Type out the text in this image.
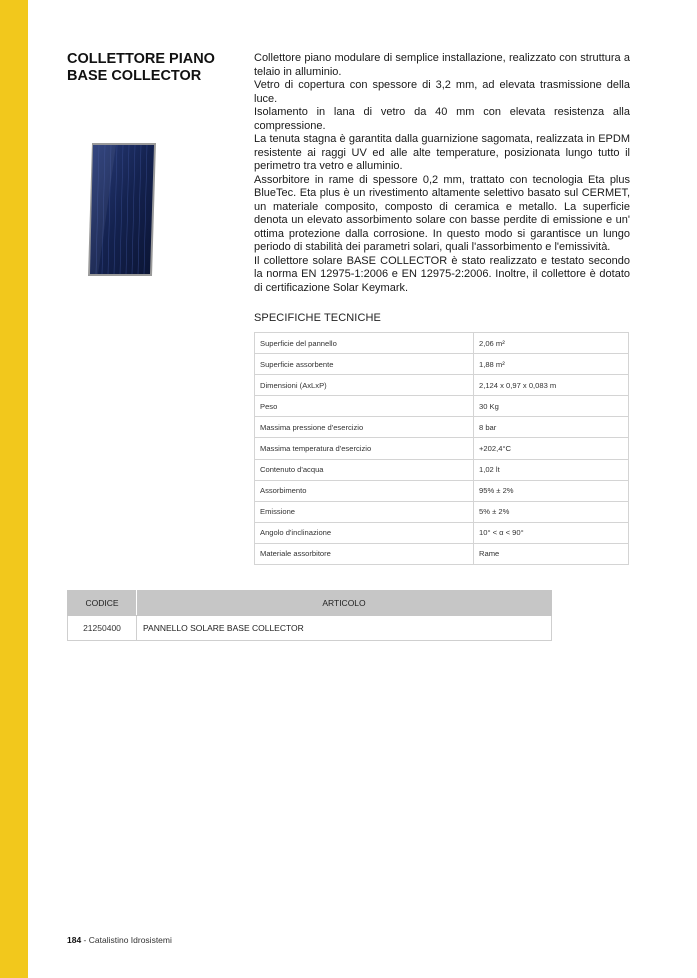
COLLETTORE PIANO
BASE COLLECTOR

Collettore piano modulare di semplice installazione, realizzato con struttura a telaio in alluminio.

Vetro di copertura con spessore di 3,2 mm, ad elevata trasmissione della luce.

Isolamento in lana di vetro da 40 mm con elevata resistenza alla compressione.

La tenuta stagna è garantita dalla guarnizione sagomata, realizzata in EPDM resistente ai raggi UV ed alle alte temperature, posizionata lungo tutto il perimetro tra vetro e alluminio.

Assorbitore in rame di spessore 0,2 mm, trattato con tecnologia Eta plus BlueTec. Eta plus è un rivestimento altamente selettivo basato sul CERMET, un materiale composito, composto di ceramica e metallo. La superficie denota un elevato assorbimento solare con basse perdite di emissione e un' ottima protezione dalla corrosione. In questo modo si garantisce un lungo periodo di stabilità dei parametri solari, quali l'assorbimento e l'emissività.

Il collettore solare BASE COLLECTOR è stato realizzato e testato secondo la norma EN 12975-1:2006 e EN 12975-2:2006. Inoltre, il collettore è dotato di certificazione Solar Keymark.

SPECIFICHE TECNICHE
Superficie del pannello	2,06 m²
Superficie assorbente	1,88 m²
Dimensioni (AxLxP)	2,124 x 0,97 x 0,083 m
Peso	30 Kg
Massima pressione d'esercizio	8 bar
Massima temperatura d'esercizio	+202,4°C
Contenuto d'acqua	1,02 lt
Assorbimento	95% ± 2%
Emissione	5% ± 2%
Angolo d'inclinazione	10° < α < 90°
Materiale assorbitore	Rame
CODICE	ARTICOLO
21250400	PANNELLO SOLARE BASE COLLECTOR
184 - Catalistino Idrosistemi
